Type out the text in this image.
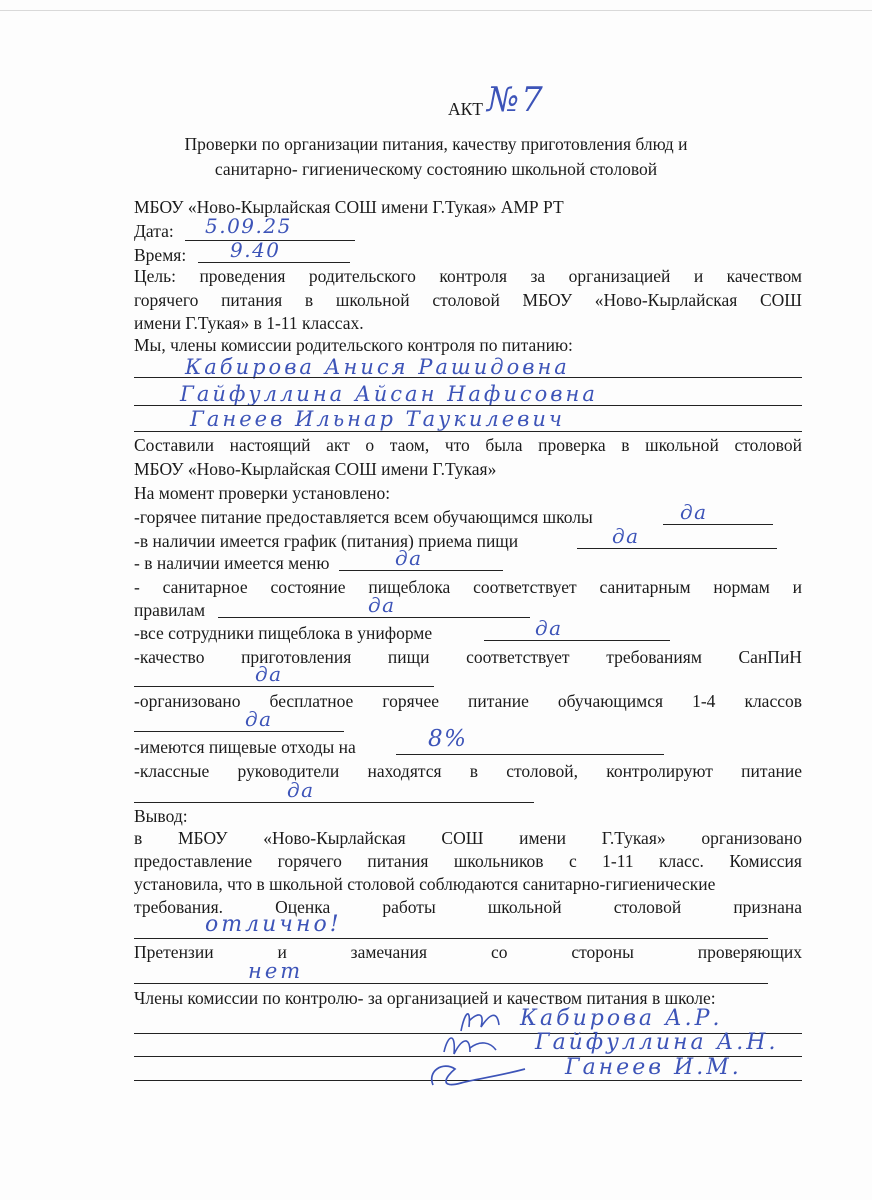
АКТ №7
Проверки по организации питания, качеству приготовления блюд и
санитарно- гигиеническому состоянию школьной столовой
МБОУ «Ново-Кырлайская СОШ имени Г.Тукая» АМР РТ
Дата: 5.09.25
Время: 9.40
Цель: проведения родительского контроля за организацией и качеством
горячего питания в школьной столовой МБОУ «Ново-Кырлайская СОШ
имени Г.Тукая» в 1-11 классах.
Мы, члены комиссии родительского контроля по питанию:
Кабирова Анися Рашидовна
Гайфуллина Айсан Нафисовна
Ганеев Ильнар Таукилевич
Составили настоящий акт о таом, что была проверка в школьной столовой
МБОУ «Ново-Кырлайская СОШ имени Г.Тукая»
На момент проверки установлено:
-горячее питание предоставляется всем обучающимся школы	да
-в наличии имеется график (питания) приема пищи	да
- в наличии имеется меню	да
- санитарное состояние пищеблока соответствует санитарным нормам и
правилам	да
-все сотрудники пищеблока в униформе	да
-качество приготовления пищи соответствует требованиям СанПиН
да
-организовано бесплатное горячее питание обучающимся 1-4 классов
да
-имеются пищевые отходы на	8%
-классные руководители находятся в столовой, контролируют питание
да
Вывод:
в МБОУ «Ново-Кырлайская СОШ имени Г.Тукая» организовано
предоставление горячего питания школьников с 1-11 класс. Комиссия
установила, что в школьной столовой соблюдаются санитарно-гигиенические
требования.	Оценка	работы	школьной	столовой	признана
отлично!
Претензии	и	замечания	со	стороны	проверяющих
нет
Члены комиссии по контролю- за организацией и качеством питания в школе:
Кабирова А.Р.
Гайфуллина А.Н.
Ганеев И.М.
